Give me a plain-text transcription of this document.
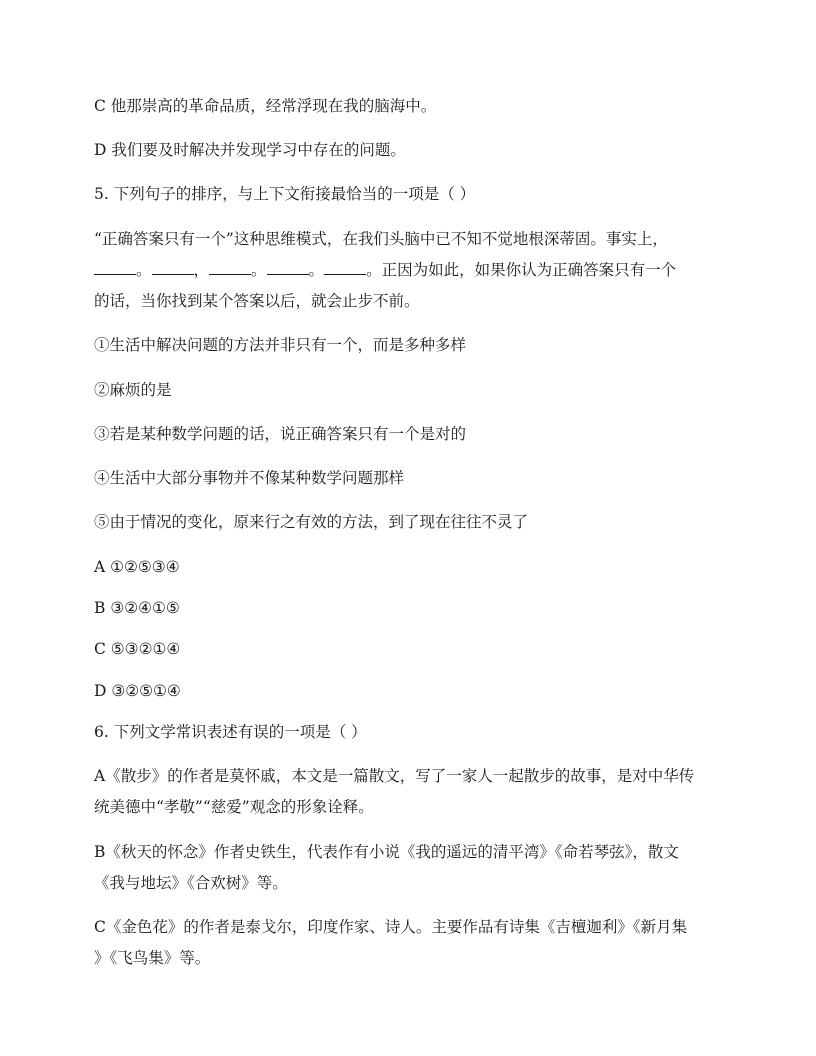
C 他那崇高的革命品质，经常浮现在我的脑海中。
D 我们要及时解决并发现学习中存在的问题。
5. 下列句子的排序，与上下文衔接最恰当的一项是（ ）
“正确答案只有一个”这种思维模式，在我们头脑中已不知不觉地根深蒂固。事实上，
。	，	。	。	。正因为如此，如果你认为正确答案只有一个
的话，当你找到某个答案以后，就会止步不前。
①生活中解决问题的方法并非只有一个，而是多种多样
②麻烦的是
③若是某种数学问题的话，说正确答案只有一个是对的
④生活中大部分事物并不像某种数学问题那样
⑤由于情况的变化，原来行之有效的方法，到了现在往往不灵了
A ①②⑤③④
B ③②④①⑤
C ⑤③②①④
D ③②⑤①④
6. 下列文学常识表述有误的一项是（ ）
A《散步》的作者是莫怀戚，本文是一篇散文，写了一家人一起散步的故事，是对中华传
统美德中“孝敬”“慈爱”观念的形象诠释。
B《秋天的怀念》作者史铁生，代表作有小说《我的遥远的清平湾》《命若琴弦》，散文
《我与地坛》《合欢树》等。
C《金色花》的作者是泰戈尔，印度作家、诗人。主要作品有诗集《吉檀迦利》《新月集
》《飞鸟集》等。
